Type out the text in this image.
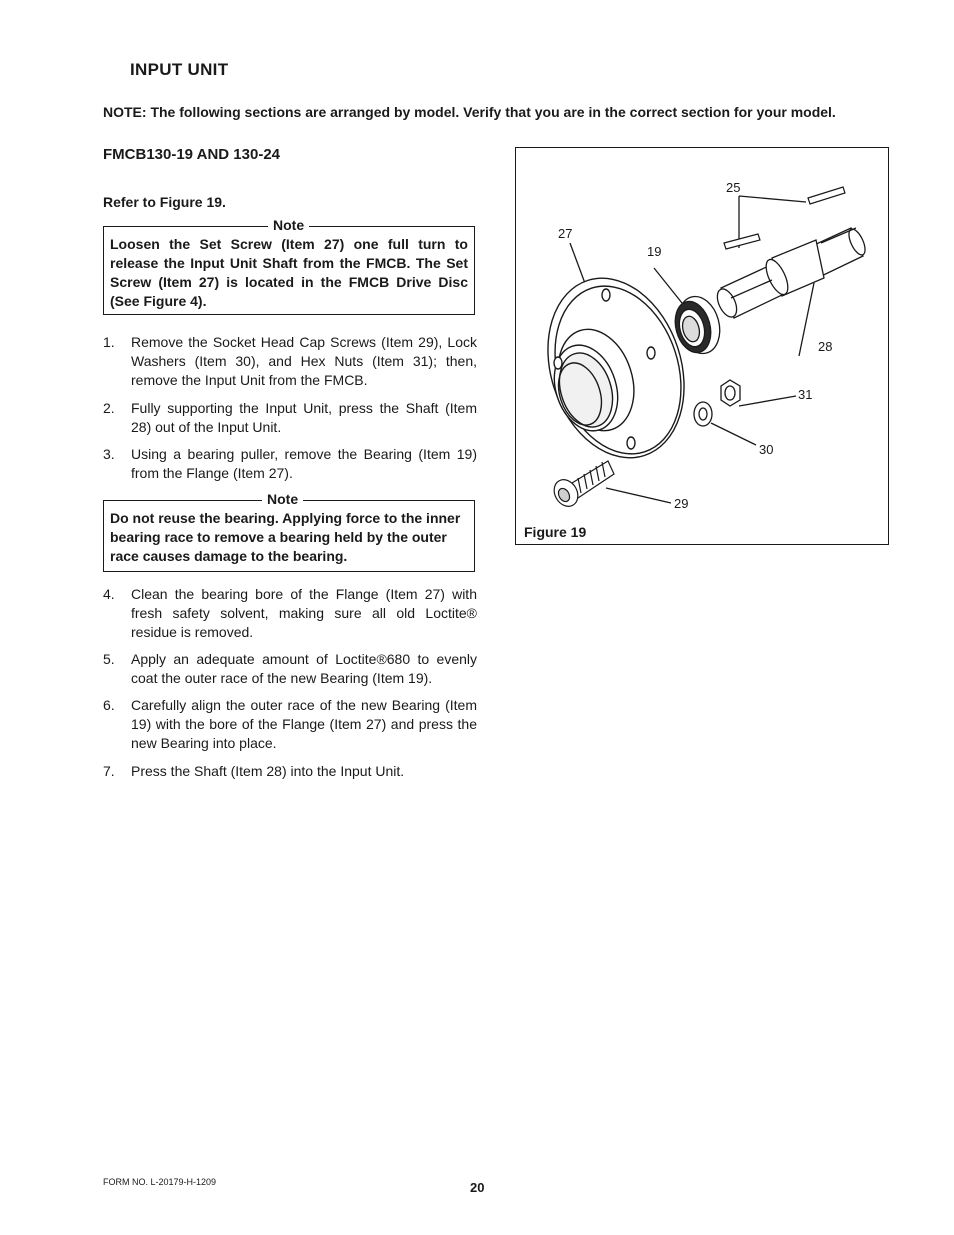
INPUT UNIT
NOTE: The following sections are arranged by model. Verify that you are in the correct section for your model.
FMCB130-19 AND 130-24
Refer to Figure 19.
Note
Loosen the Set Screw (Item 27) one full turn to release the Input Unit Shaft from the FMCB. The Set Screw (Item 27) is located in the FMCB Drive Disc (See Figure 4).
1. Remove the Socket Head Cap Screws (Item 29), Lock Washers (Item 30), and Hex Nuts (Item 31); then, remove the Input Unit from the FMCB.
2. Fully supporting the Input Unit, press the Shaft (Item 28) out of the Input Unit.
3. Using a bearing puller, remove the Bearing (Item 19) from the Flange (Item 27).
Note
Do not reuse the bearing. Applying force to the inner bearing race to remove a bearing held by the outer race causes damage to the bearing.
4. Clean the bearing bore of the Flange (Item 27) with fresh safety solvent, making sure all old Loctite® residue is removed.
5. Apply an adequate amount of Loctite®680 to evenly coat the outer race of the new Bearing (Item 19).
6. Carefully align the outer race of the new Bearing (Item 19) with the bore of the Flange (Item 27) and press the new Bearing into place.
7. Press the Shaft (Item 28) into the Input Unit.
25
27
19
28
31
30
29
Figure 19
FORM NO. L-20179-H-1209	20
